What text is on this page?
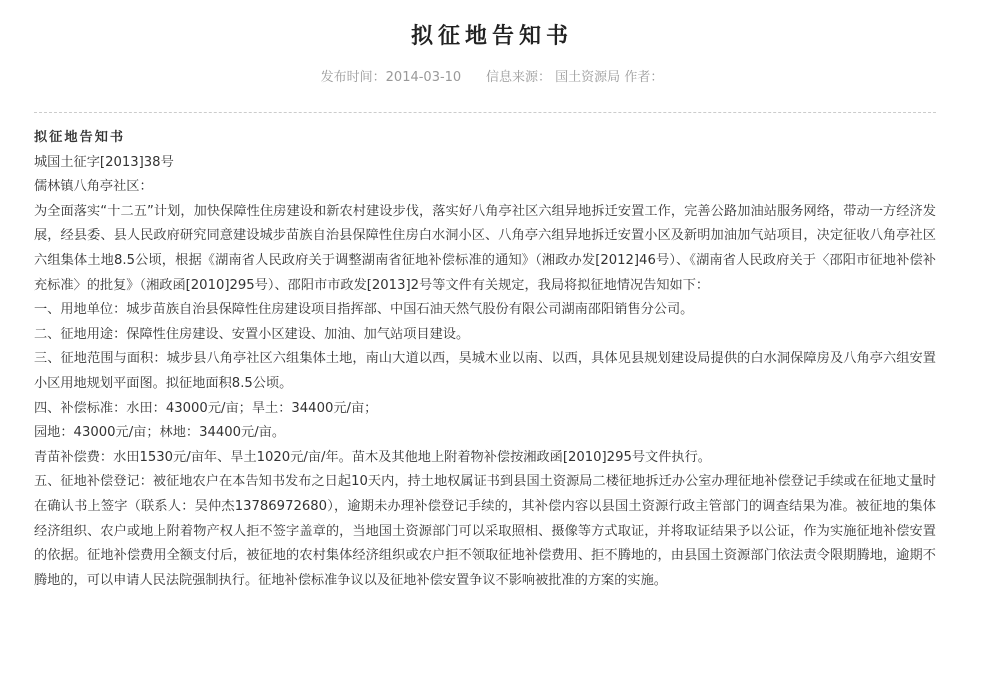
拟征地告知书
发布时间：2014-03-10 信息来源： 国土资源局 作者：

拟征地告知书

城国土征字[2013]38号

儒林镇八角亭社区：

为全面落实“十二五”计划，加快保障性住房建设和新农村建设步伐，落实好八角亭社区六组异地拆迁安置工作，完善公路加油站服务网络，带动一方经济发展，经县委、县人民政府研究同意建设城步苗族自治县保障性住房白水洞小区、八角亭六组异地拆迁安置小区及新明加油加气站项目，决定征收八角亭社区六组集体土地8.5公顷，根据《湖南省人民政府关于调整湖南省征地补偿标准的通知》（湘政办发[2012]46号）、《湖南省人民政府关于〈邵阳市征地补偿补充标准〉的批复》（湘政函[2010]295号）、邵阳市市政发[2013]2号等文件有关规定，我局将拟征地情况告知如下：

一、用地单位：城步苗族自治县保障性住房建设项目指挥部、中国石油天然气股份有限公司湖南邵阳销售分公司。

二、征地用途：保障性住房建设、安置小区建设、加油、加气站项目建设。

三、征地范围与面积：城步县八角亭社区六组集体土地，南山大道以西，昊城木业以南、以西，具体见县规划建设局提供的白水洞保障房及八角亭六组安置小区用地规划平面图。拟征地面积8.5公顷。

四、补偿标准：水田：43000元/亩；旱土：34400元/亩；

园地：43000元/亩；林地：34400元/亩。

青苗补偿费：水田1530元/亩年、旱土1020元/亩/年。苗木及其他地上附着物补偿按湘政函[2010]295号文件执行。

五、征地补偿登记：被征地农户在本告知书发布之日起10天内，持土地权属证书到县国土资源局二楼征地拆迁办公室办理征地补偿登记手续或在征地丈量时在确认书上签字（联系人：吴仲杰13786972680），逾期未办理补偿登记手续的，其补偿内容以县国土资源行政主管部门的调查结果为准。被征地的集体经济组织、农户或地上附着物产权人拒不签字盖章的，当地国土资源部门可以采取照相、摄像等方式取证，并将取证结果予以公证，作为实施征地补偿安置的依据。征地补偿费用全额支付后，被征地的农村集体经济组织或农户拒不领取征地补偿费用、拒不腾地的，由县国土资源部门依法责令限期腾地，逾期不腾地的，可以申请人民法院强制执行。征地补偿标准争议以及征地补偿安置争议不影响被批准的方案的实施。
